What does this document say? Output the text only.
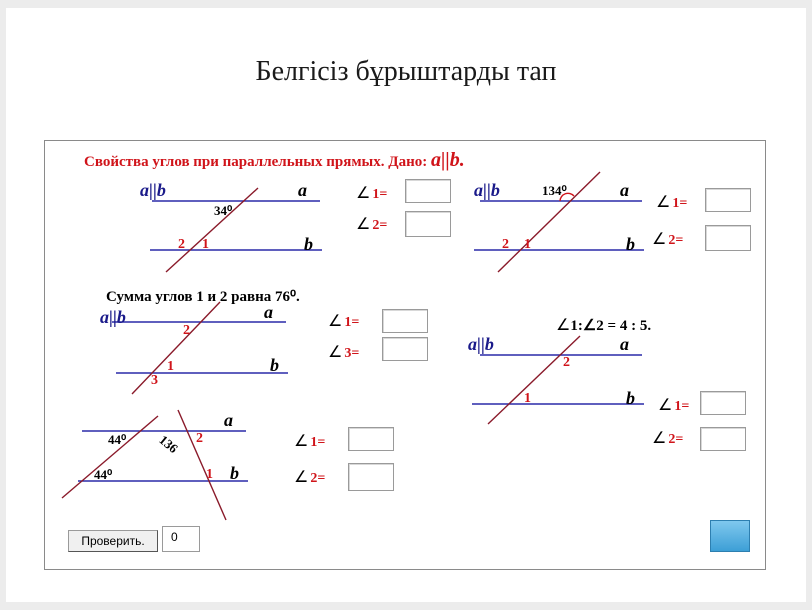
Белгісіз бұрыштарды тап
Свойства углов при параллельных прямых. Дано: a||b.
a||b	a
b
34⁰
2 1
∠ 1=
∠ 2=
a||b	a
b
134⁰
2 1
∠ 1=
∠ 2=
Сумма углов 1 и 2 равна 76⁰.
a||b	a
b
2
1
3
∠ 1=
∠ 3=
∠1:∠2 = 4 : 5.
a||b	a
b
2
1	∠ 1=
∠ 2=
a
b
44⁰
44⁰
136 2
1
∠ 1=
∠ 2=
Проверить.	0
